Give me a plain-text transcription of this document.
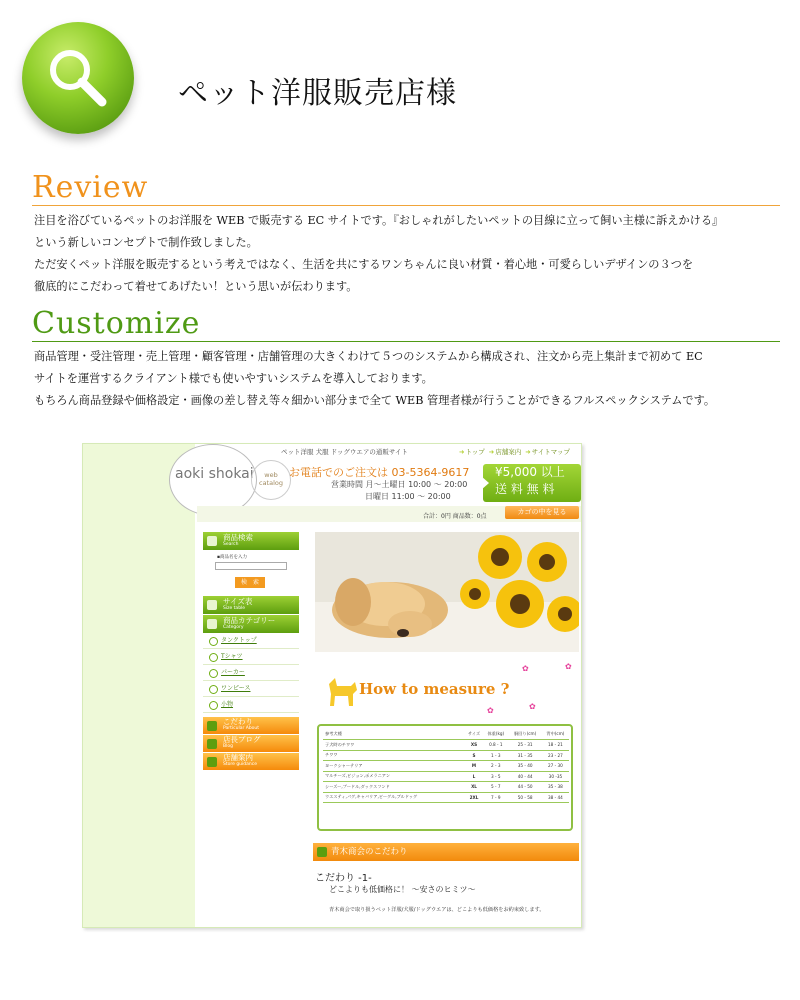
ペット洋服販売店様
Review
注目を浴びているペットのお洋服を WEB で販売する EC サイトです。『おしゃれがしたいペットの目線に立って飼い主様に訴えかける』
という新しいコンセプトで制作致しました。
ただ安くペット洋服を販売するという考えではなく、生活を共にするワンちゃんに良い材質・着心地・可愛らしいデザインの３つを
徹底的にこだわって着せてあげたい！という思いが伝わります。
Customize
商品管理・受注管理・売上管理・顧客管理・店舗管理の大きくわけて５つのシステムから構成され、注文から売上集計まで初めて EC
サイトを運営するクライアント様でも使いやすいシステムを導入しております。
もちろん商品登録や価格設定・画像の差し替え等々細かい部分まで全て WEB 管理者様が行うことができるフルスペックシステムです。
aoki shokai	web catalog
ペット洋服 犬服 ドッグウエアの通販サイト	➜ トップ	➜ 店舗案内	➜ サイトマップ
お電話でのご注文は 03-5364-9617
営業時間 月〜土曜日 10:00 〜 20:00
日曜日 11:00 〜 20:00
¥5,000 以上
送 料 無 料
合計：0円 商品数：0点
カゴの中を見る
商品検索
Search
▪商品名を入力
検　索
サイズ表
Size table
商品カテゴリー
Category
タンクトップ
Tシャツ
パーカー
ワンピース
小物
こだわり
Particular About
店長ブログ
Blog
店舗案内
Store guidance
How to measure ?
✿	✿
✿	✿
参考犬種	サイズ	体重(kg)	胴回り(cm)	背中(cm)
子犬時のチワワ	XS	0.8 - 1	25 - 31	18 - 21
チワワ	S	1 - 3	31 - 35	23 - 27
ヨークシャーテリア	M	2 - 3	35 - 40	27 - 30
マルチーズ,ビジョン,ポメラニアン	L	3 - 5	40 - 44	30 -35
シーズー,プードル,ダックスフンド	XL	5 - 7	44 - 50	35 - 38
ウエスティ,パグ,キャバリア,ビーグル,ブルドッグ	2XL	7 - 9	50 - 58	38 - 44
青木商会のこだわり
こだわり -1-
どこよりも低価格に！ 〜安さのヒミツ〜
青木商会で取り扱うペット洋服/犬服/ドッグウエアは、どこよりも低価格をお約束致します。
